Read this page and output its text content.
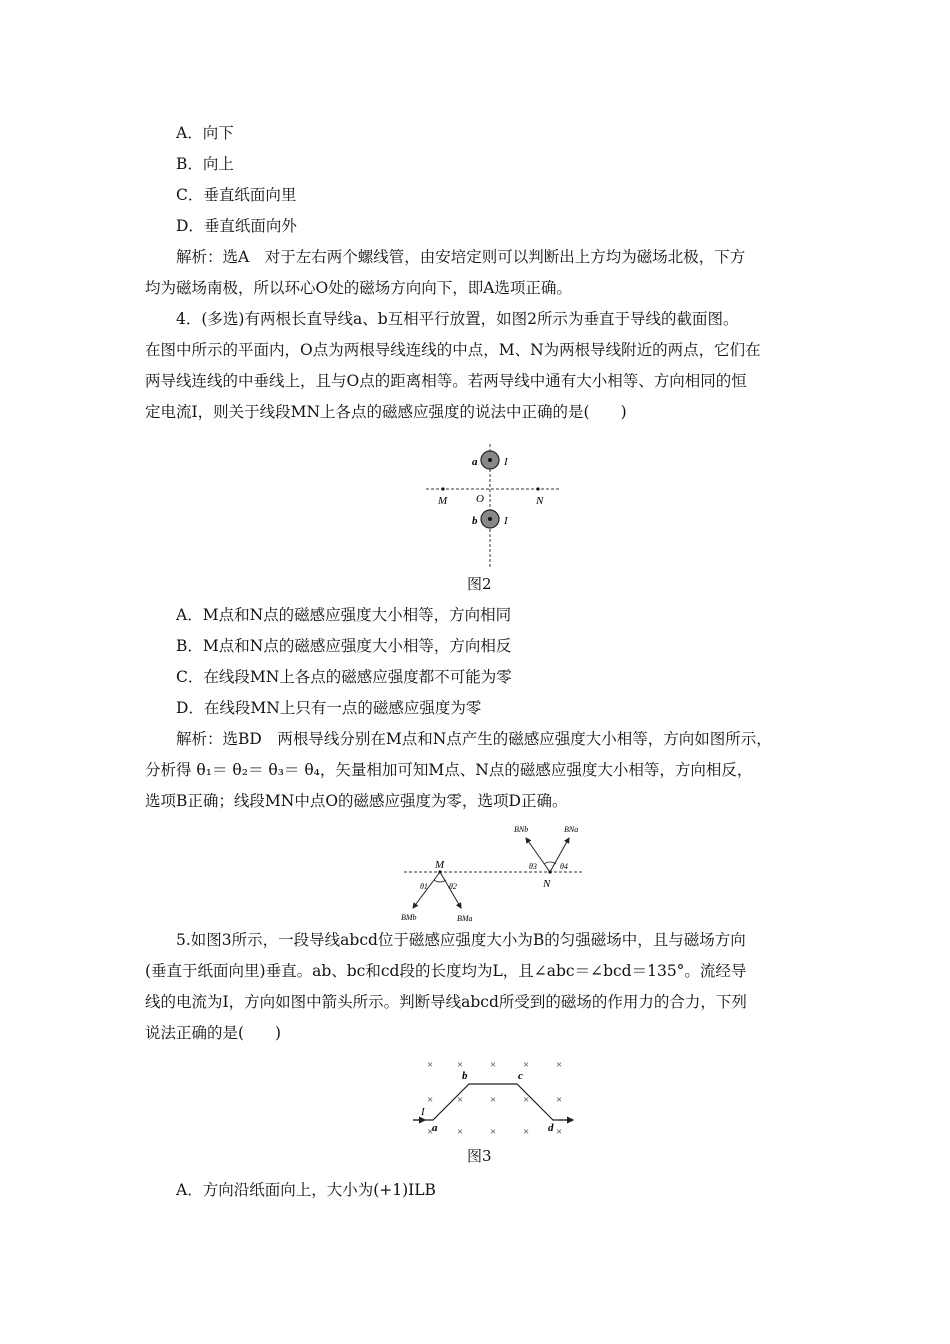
A．向下
B．向上
C．垂直纸面向里
D．垂直纸面向外
解析：选A　对于左右两个螺线管，由安培定则可以判断出上方均为磁场北极，下方
均为磁场南极，所以环心O处的磁场方向向下，即A选项正确。
4．(多选)有两根长直导线a、b互相平行放置，如图2所示为垂直于导线的截面图。
在图中所示的平面内，O点为两根导线连线的中点，M、N为两根导线附近的两点，它们在
两导线连线的中垂线上，且与O点的距离相等。若两导线中通有大小相等、方向相同的恒
定电流I，则关于线段MN上各点的磁感应强度的说法中正确的是(　　)
a I
b I
M	O	N
图2
A．M点和N点的磁感应强度大小相等，方向相同
B．M点和N点的磁感应强度大小相等，方向相反
C．在线段MN上各点的磁感应强度都不可能为零
D．在线段MN上只有一点的磁感应强度为零
解析：选BD　两根导线分别在M点和N点产生的磁感应强度大小相等，方向如图所示，
分析得 θ₁＝ θ₂＝ θ₃＝ θ₄，矢量相加可知M点、N点的磁感应强度大小相等，方向相反，
选项B正确；线段MN中点O的磁感应强度为零，选项D正确。
M
N
θ1	θ2
θ3	θ4
BMb	BMa
BNb	BNa
5.如图3所示，一段导线abcd位于磁感应强度大小为B的匀强磁场中，且与磁场方向
(垂直于纸面向里)垂直。ab、bc和cd段的长度均为L，且∠abc＝∠bcd＝135°。流经导
线的电流为I，方向如图中箭头所示。判断导线abcd所受到的磁场的作用力的合力，下列
说法正确的是(　　)
× × × × ×
× × × × ×
× × × × ×
I
a
b	c
d
图3
A．方向沿纸面向上，大小为(+1)ILB
